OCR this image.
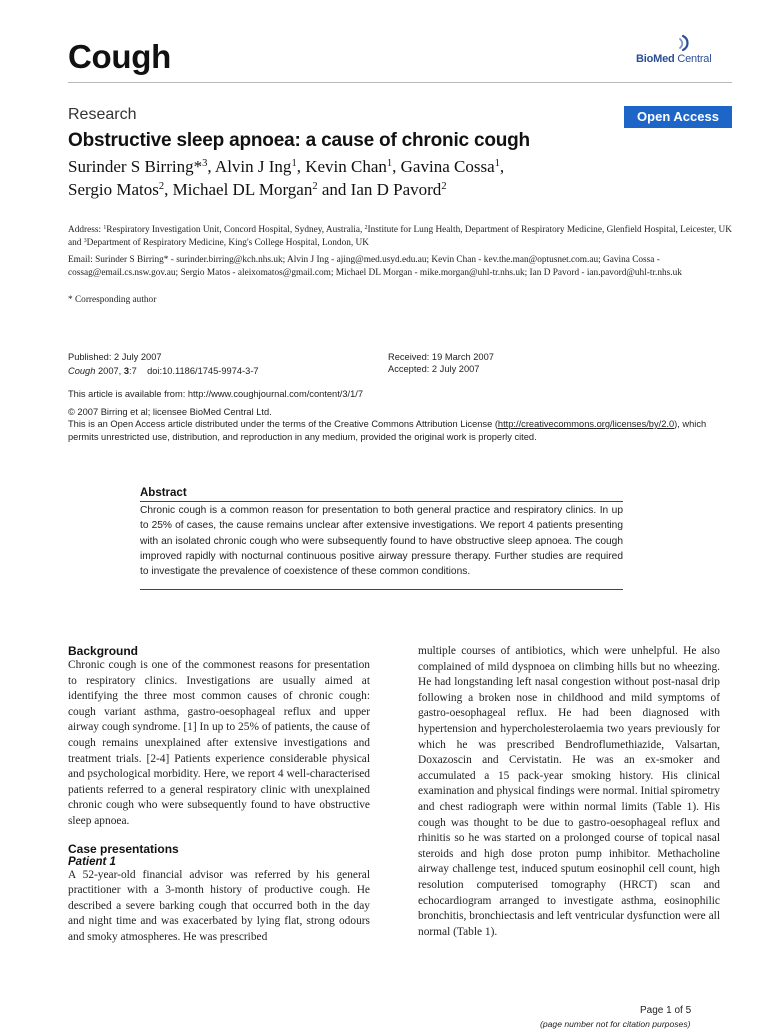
Cough	BioMed Central
Research	Open Access
Obstructive sleep apnoea: a cause of chronic cough
Surinder S Birring*$^3$, Alvin J Ing$^1$, Kevin Chan$^1$, Gavina Cossa$^1$,
Sergio Matos$^2$, Michael DL Morgan$^2$ and Ian D Pavord$^2$
Address: $^1$Respiratory Investigation Unit, Concord Hospital, Sydney, Australia, $^2$Institute for Lung Health, Department of Respiratory Medicine, Glenfield Hospital, Leicester, UK and $^3$Department of Respiratory Medicine, King's College Hospital, London, UK
Email: Surinder S Birring* - surinder.birring@kch.nhs.uk; Alvin J Ing - ajing@med.usyd.edu.au; Kevin Chan - kev.the.man@optusnet.com.au; Gavina Cossa - cossag@email.cs.nsw.gov.au; Sergio Matos - aleixomatos@gmail.com; Michael DL Morgan - mike.morgan@uhl-tr.nhs.uk; Ian D Pavord - ian.pavord@uhl-tr.nhs.uk
* Corresponding author
Published: 2 July 2007
Cough 2007, 3:7    doi:10.1186/1745-9974-3-7
Received: 19 March 2007
Accepted: 2 July 2007
This article is available from: http://www.coughjournal.com/content/3/1/7
© 2007 Birring et al; licensee BioMed Central Ltd.
This is an Open Access article distributed under the terms of the Creative Commons Attribution License (http://creativecommons.org/licenses/by/2.0), which permits unrestricted use, distribution, and reproduction in any medium, provided the original work is properly cited.
Abstract
Chronic cough is a common reason for presentation to both general practice and respiratory clinics. In up to 25% of cases, the cause remains unclear after extensive investigations. We report 4 patients presenting with an isolated chronic cough who were subsequently found to have obstructive sleep apnoea. The cough improved rapidly with nocturnal continuous positive airway pressure therapy. Further studies are required to investigate the prevalence of coexistence of these common conditions.
Background
Chronic cough is one of the commonest reasons for presentation to respiratory clinics. Investigations are usually aimed at identifying the three most common causes of chronic cough: cough variant asthma, gastro-oesophageal reflux and upper airway cough syndrome. [1] In up to 25% of patients, the cause of cough remains unexplained after extensive investigations and treatment trials. [2-4] Patients experience considerable physical and psychological morbidity. Here, we report 4 well-characterised patients referred to a general respiratory clinic with unexplained chronic cough who were subsequently found to have obstructive sleep apnoea.
Case presentations
Patient 1
A 52-year-old financial advisor was referred by his general practitioner with a 3-month history of productive cough. He described a severe barking cough that occurred both in the day and night time and was exacerbated by lying flat, strong odours and smoky atmospheres. He was prescribed
multiple courses of antibiotics, which were unhelpful. He also complained of mild dyspnoea on climbing hills but no wheezing. He had longstanding left nasal congestion without post-nasal drip following a broken nose in childhood and mild symptoms of gastro-oesophageal reflux. He had been diagnosed with hypertension and hypercholesterolaemia two years previously for which he was prescribed Bendroflumethiazide, Valsartan, Doxazoscin and Cervistatin. He was an ex-smoker and accumulated a 15 pack-year smoking history. His clinical examination and physical findings were normal. Initial spirometry and chest radiograph were within normal limits (Table 1). His cough was thought to be due to gastro-oesophageal reflux and rhinitis so he was started on a prolonged course of topical nasal steroids and high dose proton pump inhibitor. Methacholine airway challenge test, induced sputum eosinophil cell count, high resolution computerised tomography (HRCT) scan and echocardiogram arranged to investigate asthma, eosinophilic bronchitis, bronchiectasis and left ventricular dysfunction were all normal (Table 1).
Page 1 of 5
(page number not for citation purposes)
